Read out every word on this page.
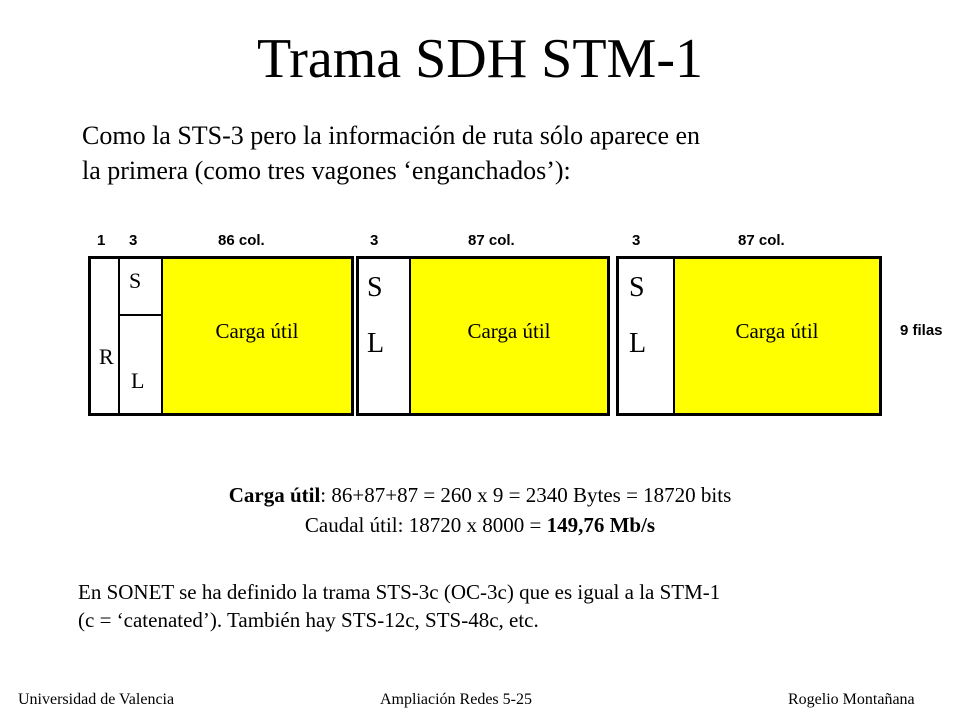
Trama SDH STM-1
Como la STS-3 pero la información de ruta sólo aparece en
la primera (como tres vagones ‘enganchados’):
1 3	86 col.	3	87 col.	3	87 col.
Carga útil
R
S
L
Carga útil
S
L	Carga útil
S
L	9 filas
Carga útil: 86+87+87 = 260 x 9 = 2340 Bytes = 18720 bits
Caudal útil: 18720 x 8000 = 149,76 Mb/s
En SONET se ha definido la trama STS-3c (OC-3c) que es igual a la STM-1
(c = ‘catenated’). También hay STS-12c, STS-48c, etc.
Universidad de Valencia	Ampliación Redes 5-25	Rogelio Montañana
